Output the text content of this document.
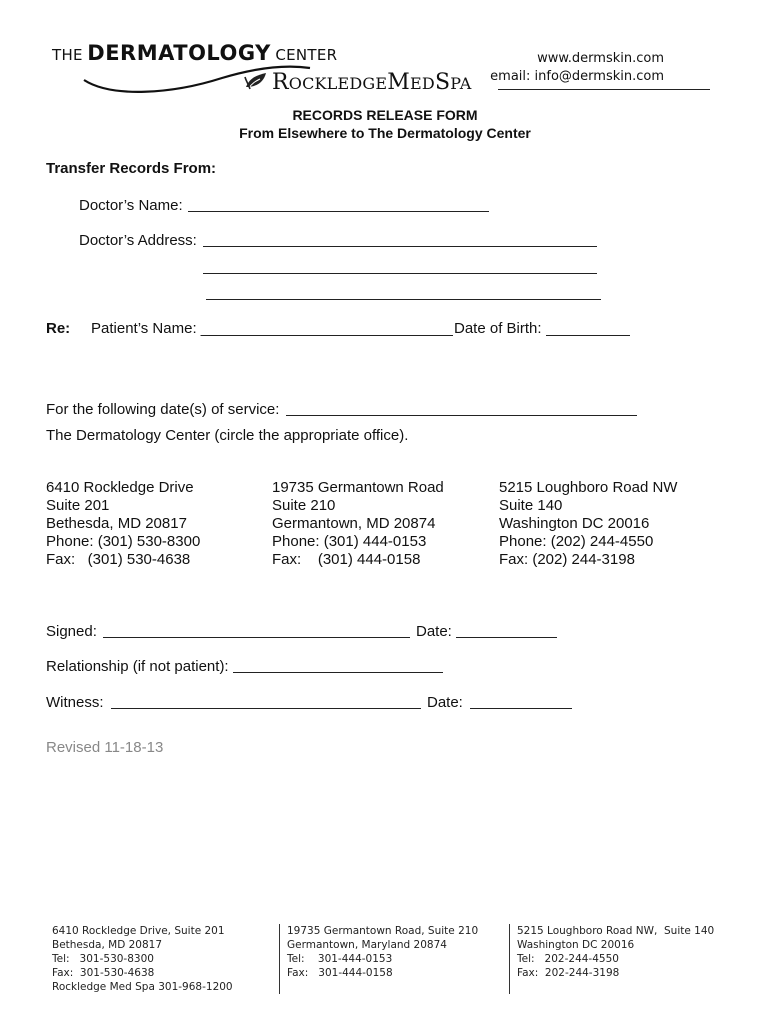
THE DERMATOLOGY CENTER
ROCKLEDGEMEDSPA
www.dermskin.com
email: info@dermskin.com
RECORDS RELEASE FORM
From Elsewhere to The Dermatology Center
Transfer Records From:
Doctor’s Name:
Doctor’s Address:
Re: Patient’s Name: __	Date of Birth:
For the following date(s) of service:
The Dermatology Center (circle the appropriate office).
6410 Rockledge Drive
Suite 201
Bethesda, MD 20817
Phone: (301) 530-8300
Fax:   (301) 530-4638
19735 Germantown Road
Suite 210
Germantown, MD 20874
Phone: (301) 444-0153
Fax:    (301) 444-0158
5215 Loughboro Road NW
Suite 140
Washington DC 20016
Phone: (202) 244-4550
Fax: (202) 244-3198
Signed:	Date:
Relationship (if not patient):
Witness:	Date:
Revised 11-18-13
6410 Rockledge Drive, Suite 201
Bethesda, MD 20817
Tel:   301-530-8300
Fax:  301-530-4638
Rockledge Med Spa 301-968-1200
19735 Germantown Road, Suite 210
Germantown, Maryland 20874
Tel:    301-444-0153
Fax:   301-444-0158
5215 Loughboro Road NW,  Suite 140
Washington DC 20016
Tel:   202-244-4550
Fax:  202-244-3198
